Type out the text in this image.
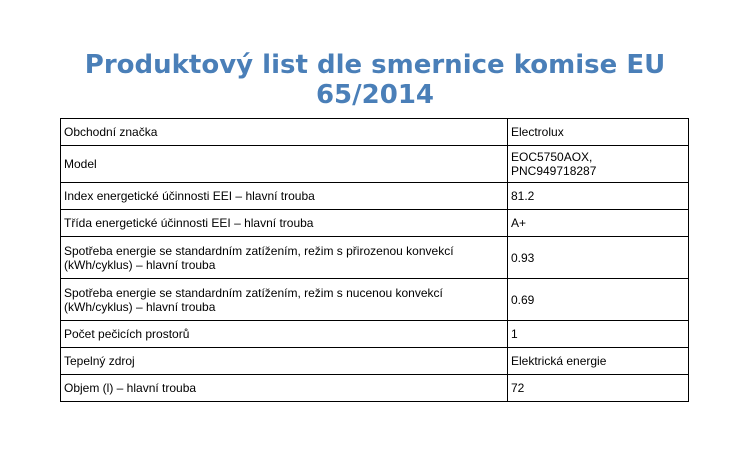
Produktový list dle smernice komise EU
65/2014
Obchodní značka	Electrolux
Model	EOC5750AOX,
PNC949718287
Index energetické účinnosti EEI – hlavní trouba	81.2
Třída energetické účinnosti EEI – hlavní trouba	A+
Spotřeba energie se standardním zatížením, režim s přirozenou konvekcí
(kWh/cyklus) – hlavní trouba	0.93
Spotřeba energie se standardním zatížením, režim s nucenou konvekcí
(kWh/cyklus) – hlavní trouba	0.69
Počet pečicích prostorů	1
Tepelný zdroj	Elektrická energie
Objem (l) – hlavní trouba	72
